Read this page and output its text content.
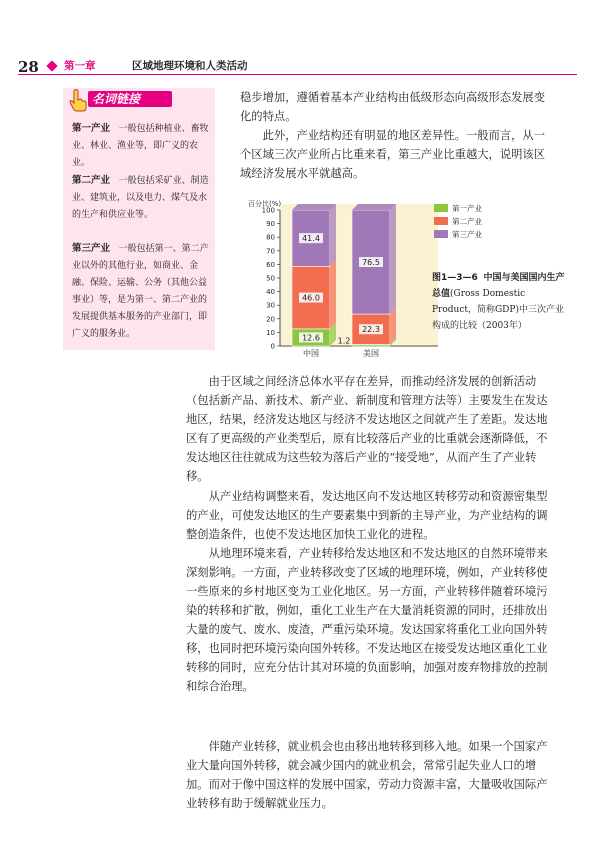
28 第一章	区域地理环境和人类活动
名词链接
第一产业 一般包括种植业、畜牧业、林业、渔业等，即广义的农业。
第二产业 一般包括采矿业、制造业、建筑业，以及电力、煤气及水的生产和供应业等。
第三产业 一般包括第一、第二产业以外的其他行业，如商业、金融、保险、运输、公务（其他公益事业）等，是为第一、第二产业的发展提供基本服务的产业部门，即广义的服务业。
稳步增加，遵循着基本产业结构由低级形态向高级形态发展变化的特点。
此外，产业结构还有明显的地区差异性。一般而言，从一个区域三次产业所占比重来看，第三产业比重越大，说明该区域经济发展水平就越高。
百分比(%)
0
10
20
30
40
50
60
70
80
90
100
12.6
46.0
41.4
中国
1.2
22.3
76.5
美国
第一产业
第二产业
第三产业
图1—3—6 中国与美国国内生产总值(Gross Domestic Product，简称GDP)中三次产业构成的比较（2003年）
由于区域之间经济总体水平存在差异，而推动经济发展的创新活动（包括新产品、新技术、新产业、新制度和管理方法等）主要发生在发达地区，结果，经济发达地区与经济不发达地区之间就产生了差距。发达地区有了更高级的产业类型后，原有比较落后产业的比重就会逐渐降低，不发达地区往往就成为这些较为落后产业的“接受地”，从而产生了产业转移。
从产业结构调整来看，发达地区向不发达地区转移劳动和资源密集型的产业，可使发达地区的生产要素集中到新的主导产业，为产业结构的调整创造条件，也使不发达地区加快工业化的进程。
从地理环境来看，产业转移给发达地区和不发达地区的自然环境带来深刻影响。一方面，产业转移改变了区域的地理环境，例如，产业转移使一些原来的乡村地区变为工业化地区。另一方面，产业转移伴随着环境污染的转移和扩散，例如，重化工业生产在大量消耗资源的同时，还排放出大量的废气、废水、废渣，严重污染环境。发达国家将重化工业向国外转移，也同时把环境污染向国外转移。不发达地区在接受发达地区重化工业转移的同时，应充分估计其对环境的负面影响，加强对废弃物排放的控制和综合治理。
伴随产业转移，就业机会也由移出地转移到移入地。如果一个国家产业大量向国外转移，就会减少国内的就业机会，常常引起失业人口的增加。而对于像中国这样的发展中国家，劳动力资源丰富，大量吸收国际产业转移有助于缓解就业压力。
